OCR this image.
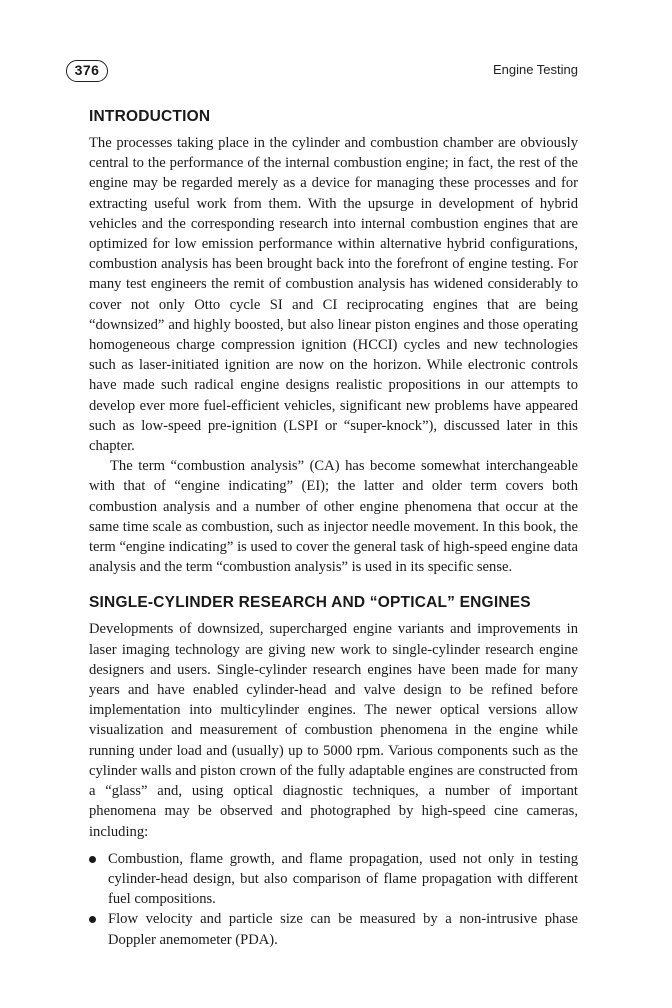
376	Engine Testing
INTRODUCTION

The processes taking place in the cylinder and combustion chamber are obviously central to the performance of the internal combustion engine; in fact, the rest of the engine may be regarded merely as a device for managing these processes and for extracting useful work from them. With the upsurge in development of hybrid vehicles and the corresponding research into internal combustion engines that are optimized for low emission performance within alternative hybrid configurations, combustion analysis has been brought back into the forefront of engine testing. For many test engineers the remit of combustion analysis has widened considerably to cover not only Otto cycle SI and CI reciprocating engines that are being “downsized” and highly boosted, but also linear piston engines and those operating homogeneous charge compression ignition (HCCI) cycles and new technologies such as laser-initiated ignition are now on the horizon. While electronic controls have made such radical engine designs realistic propositions in our attempts to develop ever more fuel-efficient vehicles, significant new problems have appeared such as low-speed pre-ignition (LSPI or “super-knock”), discussed later in this chapter.

The term “combustion analysis” (CA) has become somewhat interchangeable with that of “engine indicating” (EI); the latter and older term covers both combustion analysis and a number of other engine phenomena that occur at the same time scale as combustion, such as injector needle movement. In this book, the term “engine indicating” is used to cover the general task of high-speed engine data analysis and the term “combustion analysis” is used in its specific sense.

SINGLE-CYLINDER RESEARCH AND “OPTICAL” ENGINES

Developments of downsized, supercharged engine variants and improvements in laser imaging technology are giving new work to single-cylinder research engine designers and users. Single-cylinder research engines have been made for many years and have enabled cylinder-head and valve design to be refined before implementation into multicylinder engines. The newer optical versions allow visualization and measurement of combustion phenomena in the engine while running under load and (usually) up to 5000 rpm. Various components such as the cylinder walls and piston crown of the fully adaptable engines are constructed from a “glass” and, using optical diagnostic techniques, a number of important phenomena may be observed and photographed by high-speed cine cameras, including:

Combustion, flame growth, and flame propagation, used not only in testing cylinder-head design, but also comparison of flame propagation with different fuel compositions.
Flow velocity and particle size can be measured by a non-intrusive phase Doppler anemometer (PDA).
